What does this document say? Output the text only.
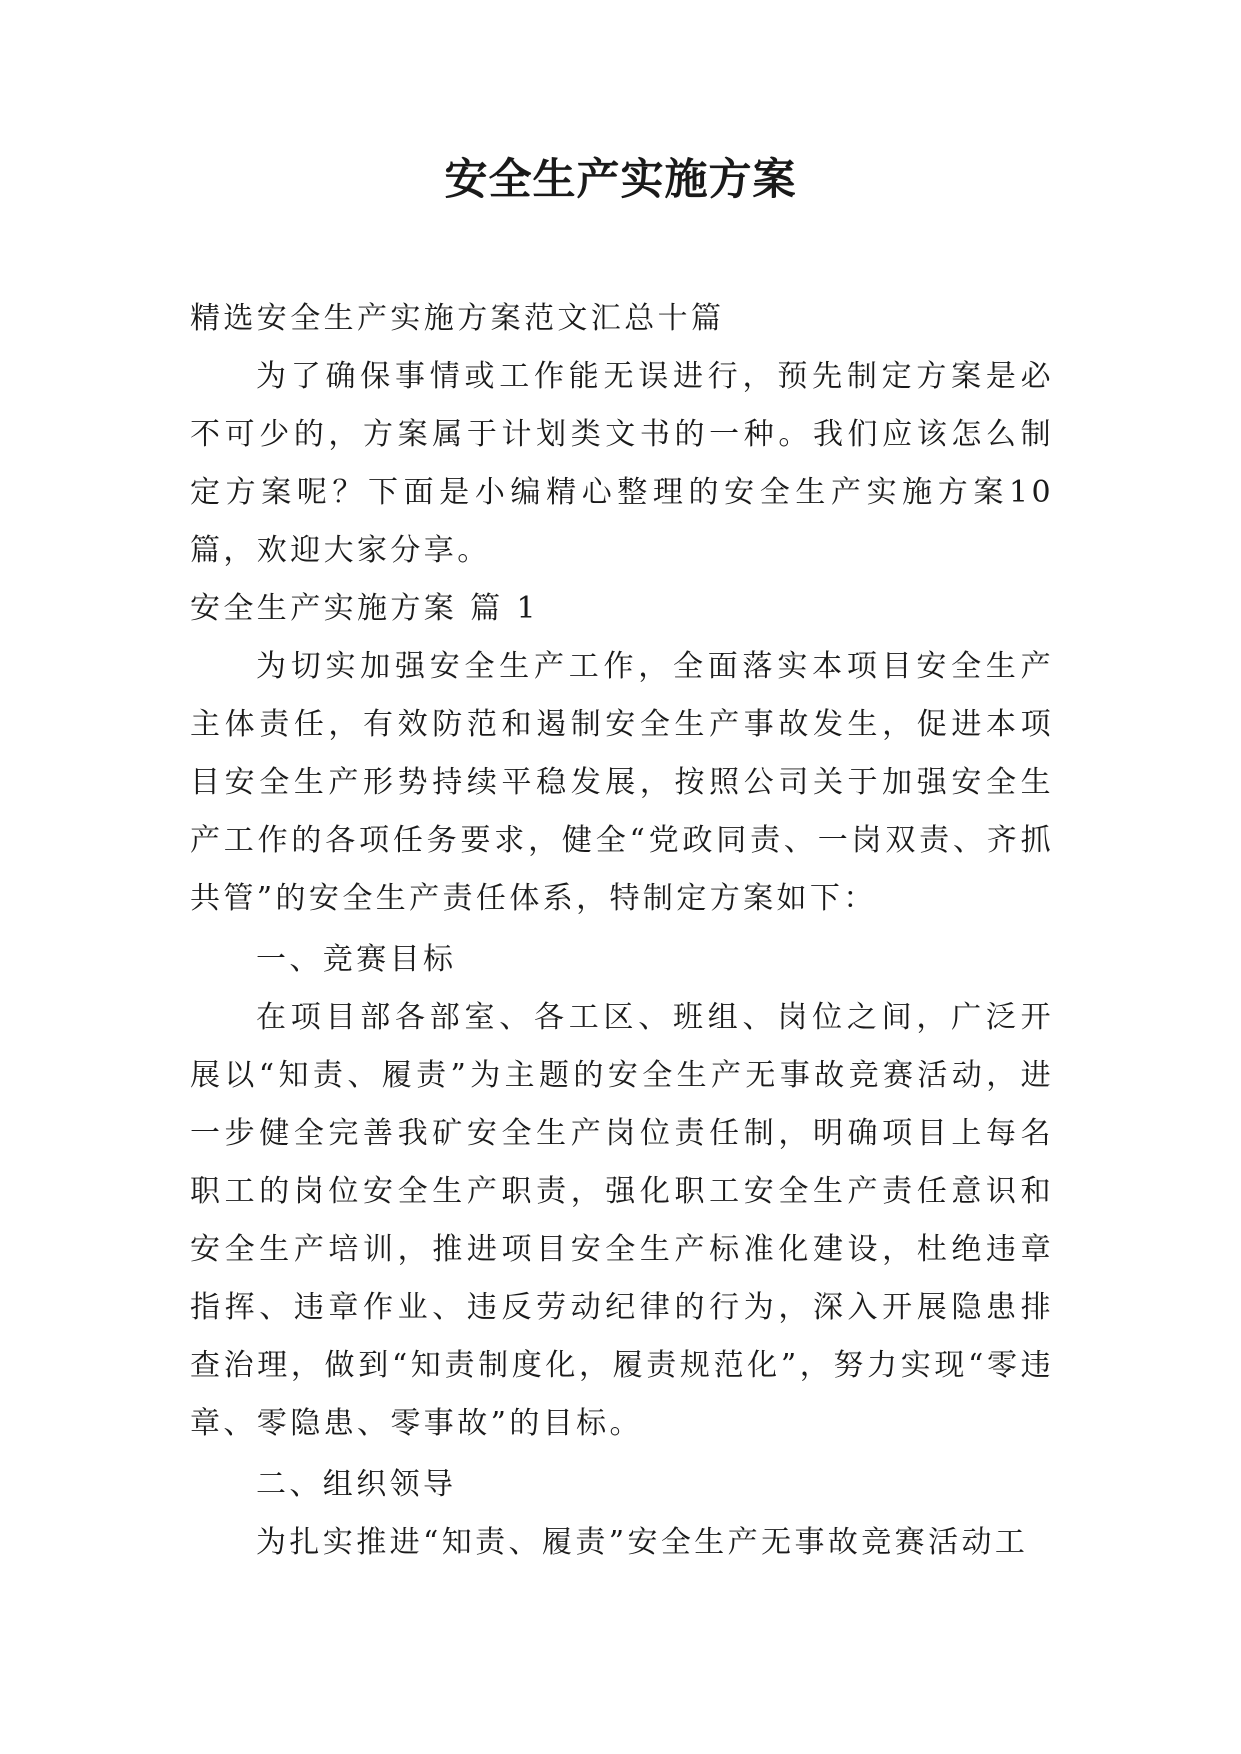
安全生产实施方案

精选安全生产实施方案范文汇总十篇

为了确保事情或工作能无误进行，预先制定方案是必不可少的，方案属于计划类文书的一种。我们应该怎么制定方案呢？下面是小编精心整理的安全生产实施方案10篇，欢迎大家分享。

安全生产实施方案 篇 1

为切实加强安全生产工作，全面落实本项目安全生产主体责任，有效防范和遏制安全生产事故发生，促进本项目安全生产形势持续平稳发展，按照公司关于加强安全生产工作的各项任务要求，健全“党政同责、一岗双责、齐抓共管”的安全生产责任体系，特制定方案如下：

一、竞赛目标

在项目部各部室、各工区、班组、岗位之间，广泛开展以“知责、履责”为主题的安全生产无事故竞赛活动，进一步健全完善我矿安全生产岗位责任制，明确项目上每名职工的岗位安全生产职责，强化职工安全生产责任意识和安全生产培训，推进项目安全生产标准化建设，杜绝违章指挥、违章作业、违反劳动纪律的行为，深入开展隐患排查治理，做到“知责制度化，履责规范化”，努力实现“零违章、零隐患、零事故”的目标。

二、组织领导

为扎实推进“知责、履责”安全生产无事故竞赛活动工
